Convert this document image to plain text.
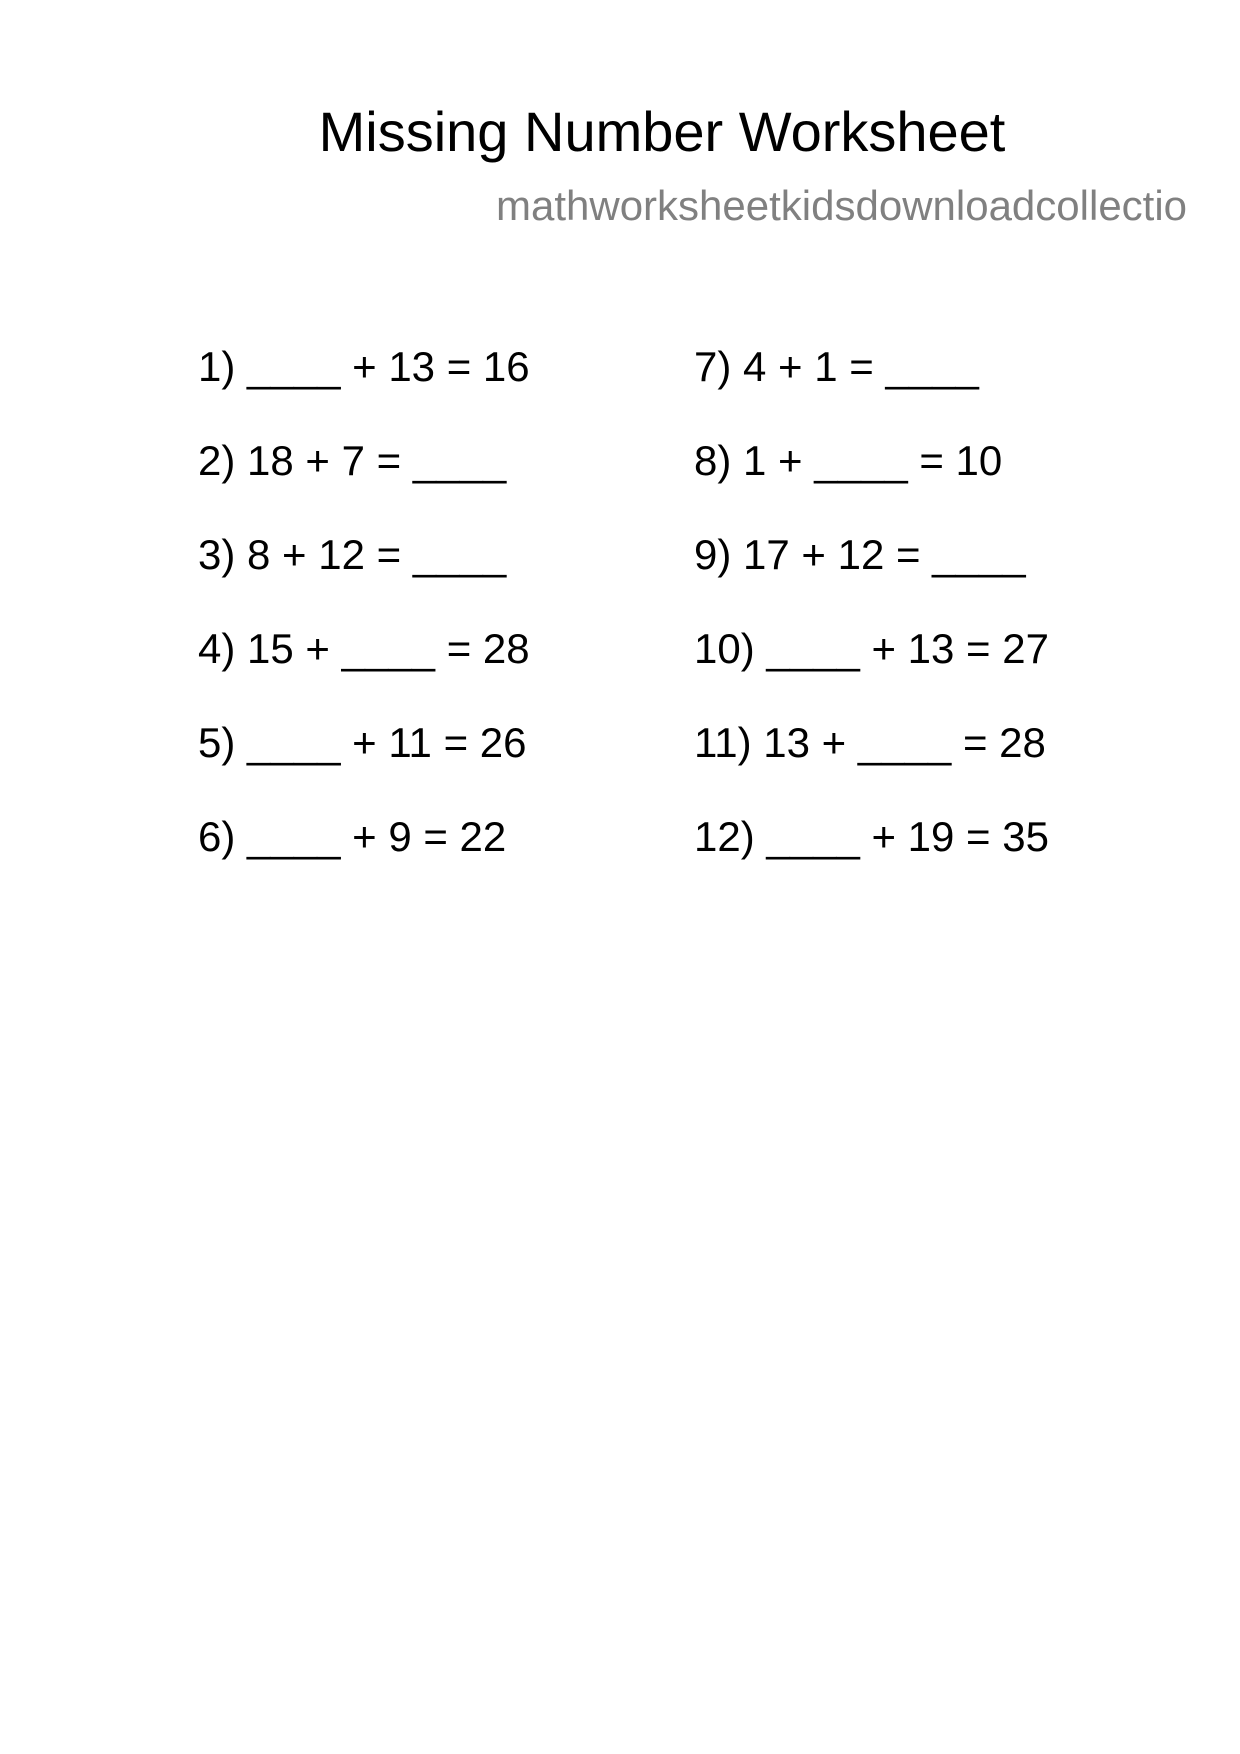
Missing Number Worksheet
mathworksheetkidsdownloadcollectio
1) ____ + 13 = 16
2) 18 + 7 = ____
3) 8 + 12 = ____
4) 15 + ____ = 28
5) ____ + 11 = 26
6) ____ + 9 = 22
7) 4 + 1 = ____
8) 1 + ____ = 10
9) 17 + 12 = ____
10) ____ + 13 = 27
11) 13 + ____ = 28
12) ____ + 19 = 35
